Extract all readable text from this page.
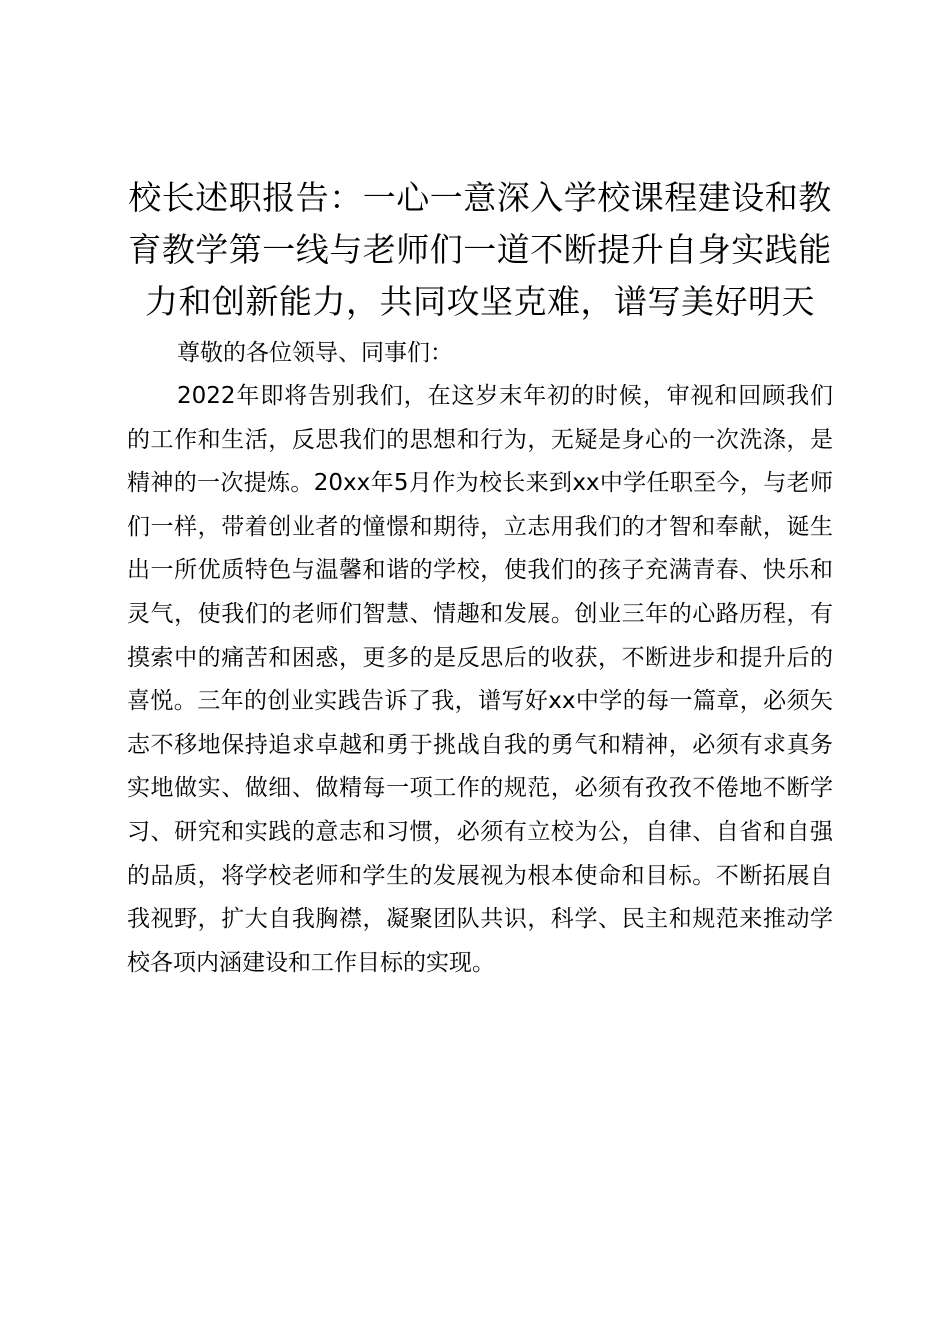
校长述职报告：一心一意深入学校课程建设和教育教学第一线与老师们一道不断提升自身实践能力和创新能力，共同攻坚克难，谱写美好明天

尊敬的各位领导、同事们：

2022年即将告别我们，在这岁末年初的时候，审视和回顾我们的工作和生活，反思我们的思想和行为，无疑是身心的一次洗涤，是精神的一次提炼。20xx年5月作为校长来到xx中学任职至今，与老师们一样，带着创业者的憧憬和期待，立志用我们的才智和奉献，诞生出一所优质特色与温馨和谐的学校，使我们的孩子充满青春、快乐和灵气，使我们的老师们智慧、情趣和发展。创业三年的心路历程，有摸索中的痛苦和困惑，更多的是反思后的收获，不断进步和提升后的喜悦。三年的创业实践告诉了我，谱写好xx中学的每一篇章，必须矢志不移地保持追求卓越和勇于挑战自我的勇气和精神，必须有求真务实地做实、做细、做精每一项工作的规范，必须有孜孜不倦地不断学习、研究和实践的意志和习惯，必须有立校为公，自律、自省和自强的品质，将学校老师和学生的发展视为根本使命和目标。不断拓展自我视野，扩大自我胸襟，凝聚团队共识，科学、民主和规范来推动学校各项内涵建设和工作目标的实现。
